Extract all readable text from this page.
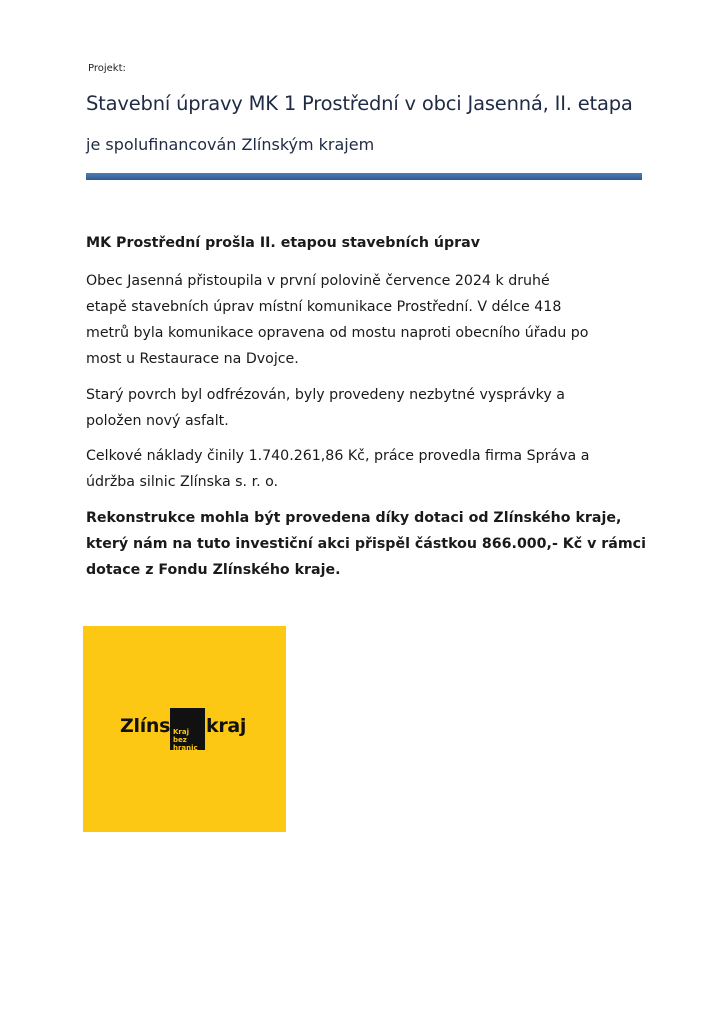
Projekt:
Stavební úpravy MK 1 Prostřední v obci Jasenná, II. etapa
je spolufinancován Zlínským krajem
MK Prostřední prošla II. etapou stavebních úprav
Obec Jasenná přistoupila v první polovině července 2024 k druhé
etapě stavebních úprav místní komunikace Prostřední. V délce 418
metrů byla komunikace opravena od mostu naproti obecního úřadu po
most u Restaurace na Dvojce.
Starý povrch byl odfrézován, byly provedeny nezbytné vysprávky a
položen nový asfalt.
Celkové náklady činily 1.740.261,86 Kč, práce provedla firma Správa a
údržba silnic Zlínska s. r. o.
Rekonstrukce mohla být provedena díky dotaci od Zlínského kraje,
který nám na tuto investiční akci přispěl částkou 866.000,- Kč v rámci
dotace z Fondu Zlínského kraje.
Zlíns Kraj bez
hranic
kraj
